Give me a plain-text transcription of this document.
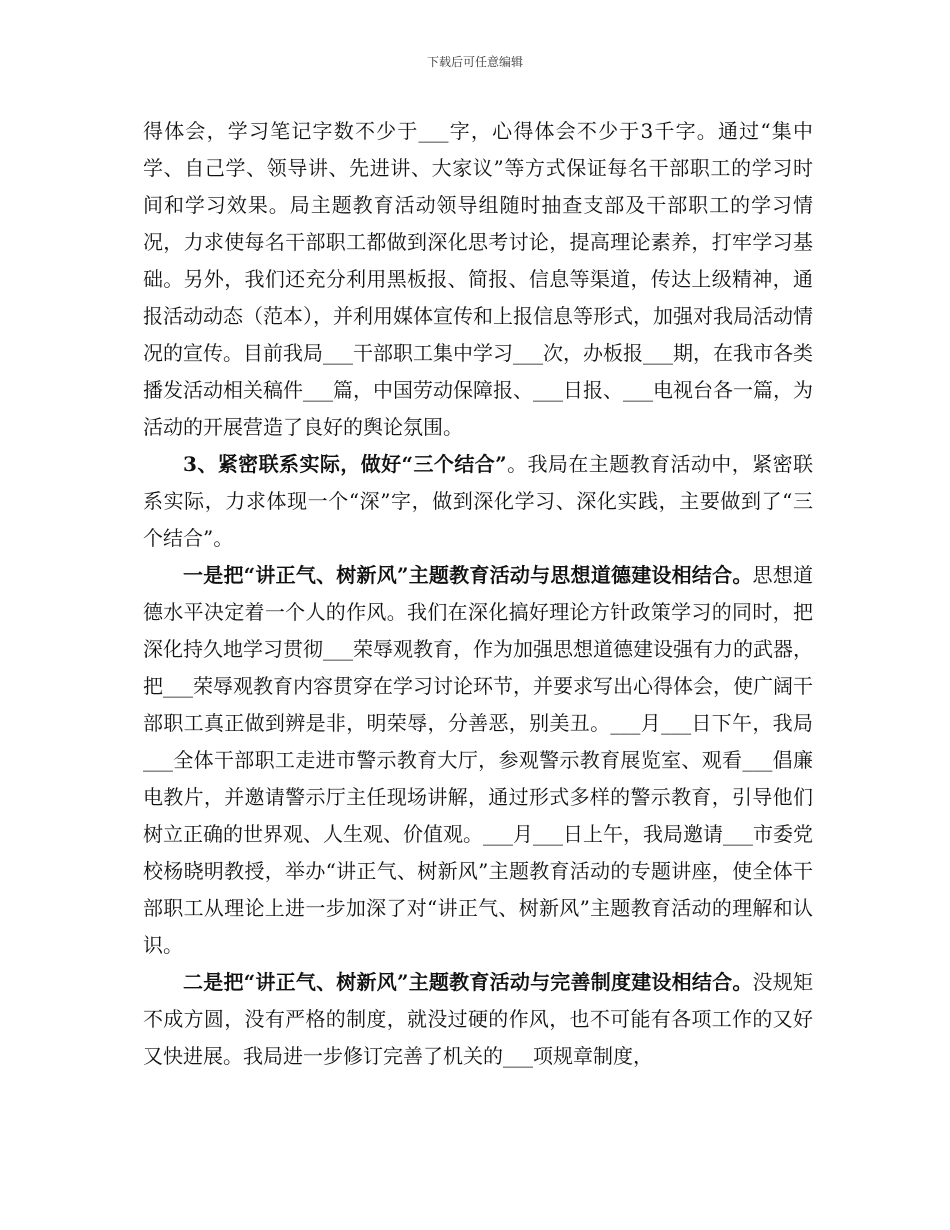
下载后可任意编辑

得体会，学习笔记字数不少于___字，心得体会不少于3千字。通过“集中学、自己学、领导讲、先进讲、大家议”等方式保证每名干部职工的学习时间和学习效果。局主题教育活动领导组随时抽查支部及干部职工的学习情况，力求使每名干部职工都做到深化思考讨论，提高理论素养，打牢学习基础。另外，我们还充分利用黑板报、简报、信息等渠道，传达上级精神，通报活动动态（范本），并利用媒体宣传和上报信息等形式，加强对我局活动情况的宣传。目前我局___干部职工集中学习___次，办板报___期，在我市各类播发活动相关稿件___篇，中国劳动保障报、___日报、___电视台各一篇，为活动的开展营造了良好的舆论氛围。

3、紧密联系实际，做好“三个结合”。我局在主题教育活动中，紧密联系实际，力求体现一个“深”字，做到深化学习、深化实践，主要做到了“三个结合”。

一是把“讲正气、树新风”主题教育活动与思想道德建设相结合。思想道德水平决定着一个人的作风。我们在深化搞好理论方针政策学习的同时，把深化持久地学习贯彻___荣辱观教育，作为加强思想道德建设强有力的武器，把___荣辱观教育内容贯穿在学习讨论环节，并要求写出心得体会，使广阔干部职工真正做到辨是非，明荣辱，分善恶，别美丑。___月___日下午，我局___全体干部职工走进市警示教育大厅，参观警示教育展览室、观看___倡廉电教片，并邀请警示厅主任现场讲解，通过形式多样的警示教育，引导他们树立正确的世界观、人生观、价值观。___月___日上午，我局邀请___市委党校杨晓明教授，举办“讲正气、树新风”主题教育活动的专题讲座，使全体干部职工从理论上进一步加深了对“讲正气、树新风”主题教育活动的理解和认识。

二是把“讲正气、树新风”主题教育活动与完善制度建设相结合。没规矩不成方圆，没有严格的制度，就没过硬的作风，也不可能有各项工作的又好又快进展。我局进一步修订完善了机关的___项规章制度，
